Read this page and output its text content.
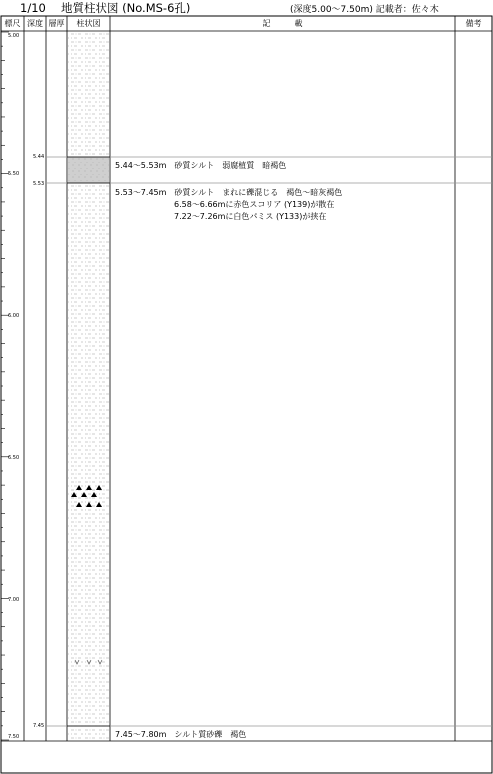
1/10　 地質柱状図 (No.MS-6孔)	(深度5.00～7.50m) 記載者：佐々木
標尺 深度 層厚	柱状図	記　　　載	備考
5.00
5.50
6.00
6.50
7.00
7.50
5.44
5.53
7.45
5.44～5.53m　砂質シルト　弱腐植質　暗褐色
5.53～7.45m　砂質シルト　まれに礫混じる　褐色～暗灰褐色
6.58～6.66mに赤色スコリア (Y139)が散在
7.22～7.26mに白色パミス (Y133)が挟在
7.45～7.80m　シルト質砂礫　褐色
